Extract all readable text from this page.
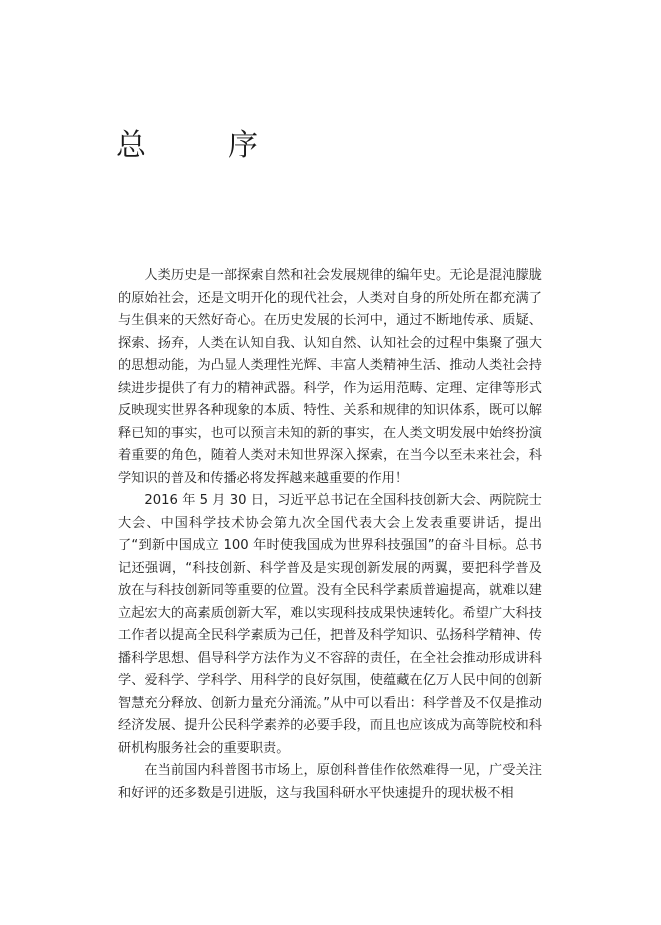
总　序

人类历史是一部探索自然和社会发展规律的编年史。无论是混沌朦胧的原始社会，还是文明开化的现代社会，人类对自身的所处所在都充满了与生俱来的天然好奇心。在历史发展的长河中，通过不断地传承、质疑、探索、扬弃，人类在认知自我、认知自然、认知社会的过程中集聚了强大的思想动能，为凸显人类理性光辉、丰富人类精神生活、推动人类社会持续进步提供了有力的精神武器。科学，作为运用范畴、定理、定律等形式反映现实世界各种现象的本质、特性、关系和规律的知识体系，既可以解释已知的事实，也可以预言未知的新的事实，在人类文明发展中始终扮演着重要的角色，随着人类对未知世界深入探索，在当今以至未来社会，科学知识的普及和传播必将发挥越来越重要的作用！

2016 年 5 月 30 日，习近平总书记在全国科技创新大会、两院院士大会、中国科学技术协会第九次全国代表大会上发表重要讲话，提出了“到新中国成立 100 年时使我国成为世界科技强国”的奋斗目标。总书记还强调，“科技创新、科学普及是实现创新发展的两翼，要把科学普及放在与科技创新同等重要的位置。没有全民科学素质普遍提高，就难以建立起宏大的高素质创新大军，难以实现科技成果快速转化。希望广大科技工作者以提高全民科学素质为己任，把普及科学知识、弘扬科学精神、传播科学思想、倡导科学方法作为义不容辞的责任，在全社会推动形成讲科学、爱科学、学科学、用科学的良好氛围，使蕴藏在亿万人民中间的创新智慧充分释放、创新力量充分涌流。”从中可以看出：科学普及不仅是推动经济发展、提升公民科学素养的必要手段，而且也应该成为高等院校和科研机构服务社会的重要职责。

在当前国内科普图书市场上，原创科普佳作依然难得一见，广受关注和好评的还多数是引进版，这与我国科研水平快速提升的现状极不相
